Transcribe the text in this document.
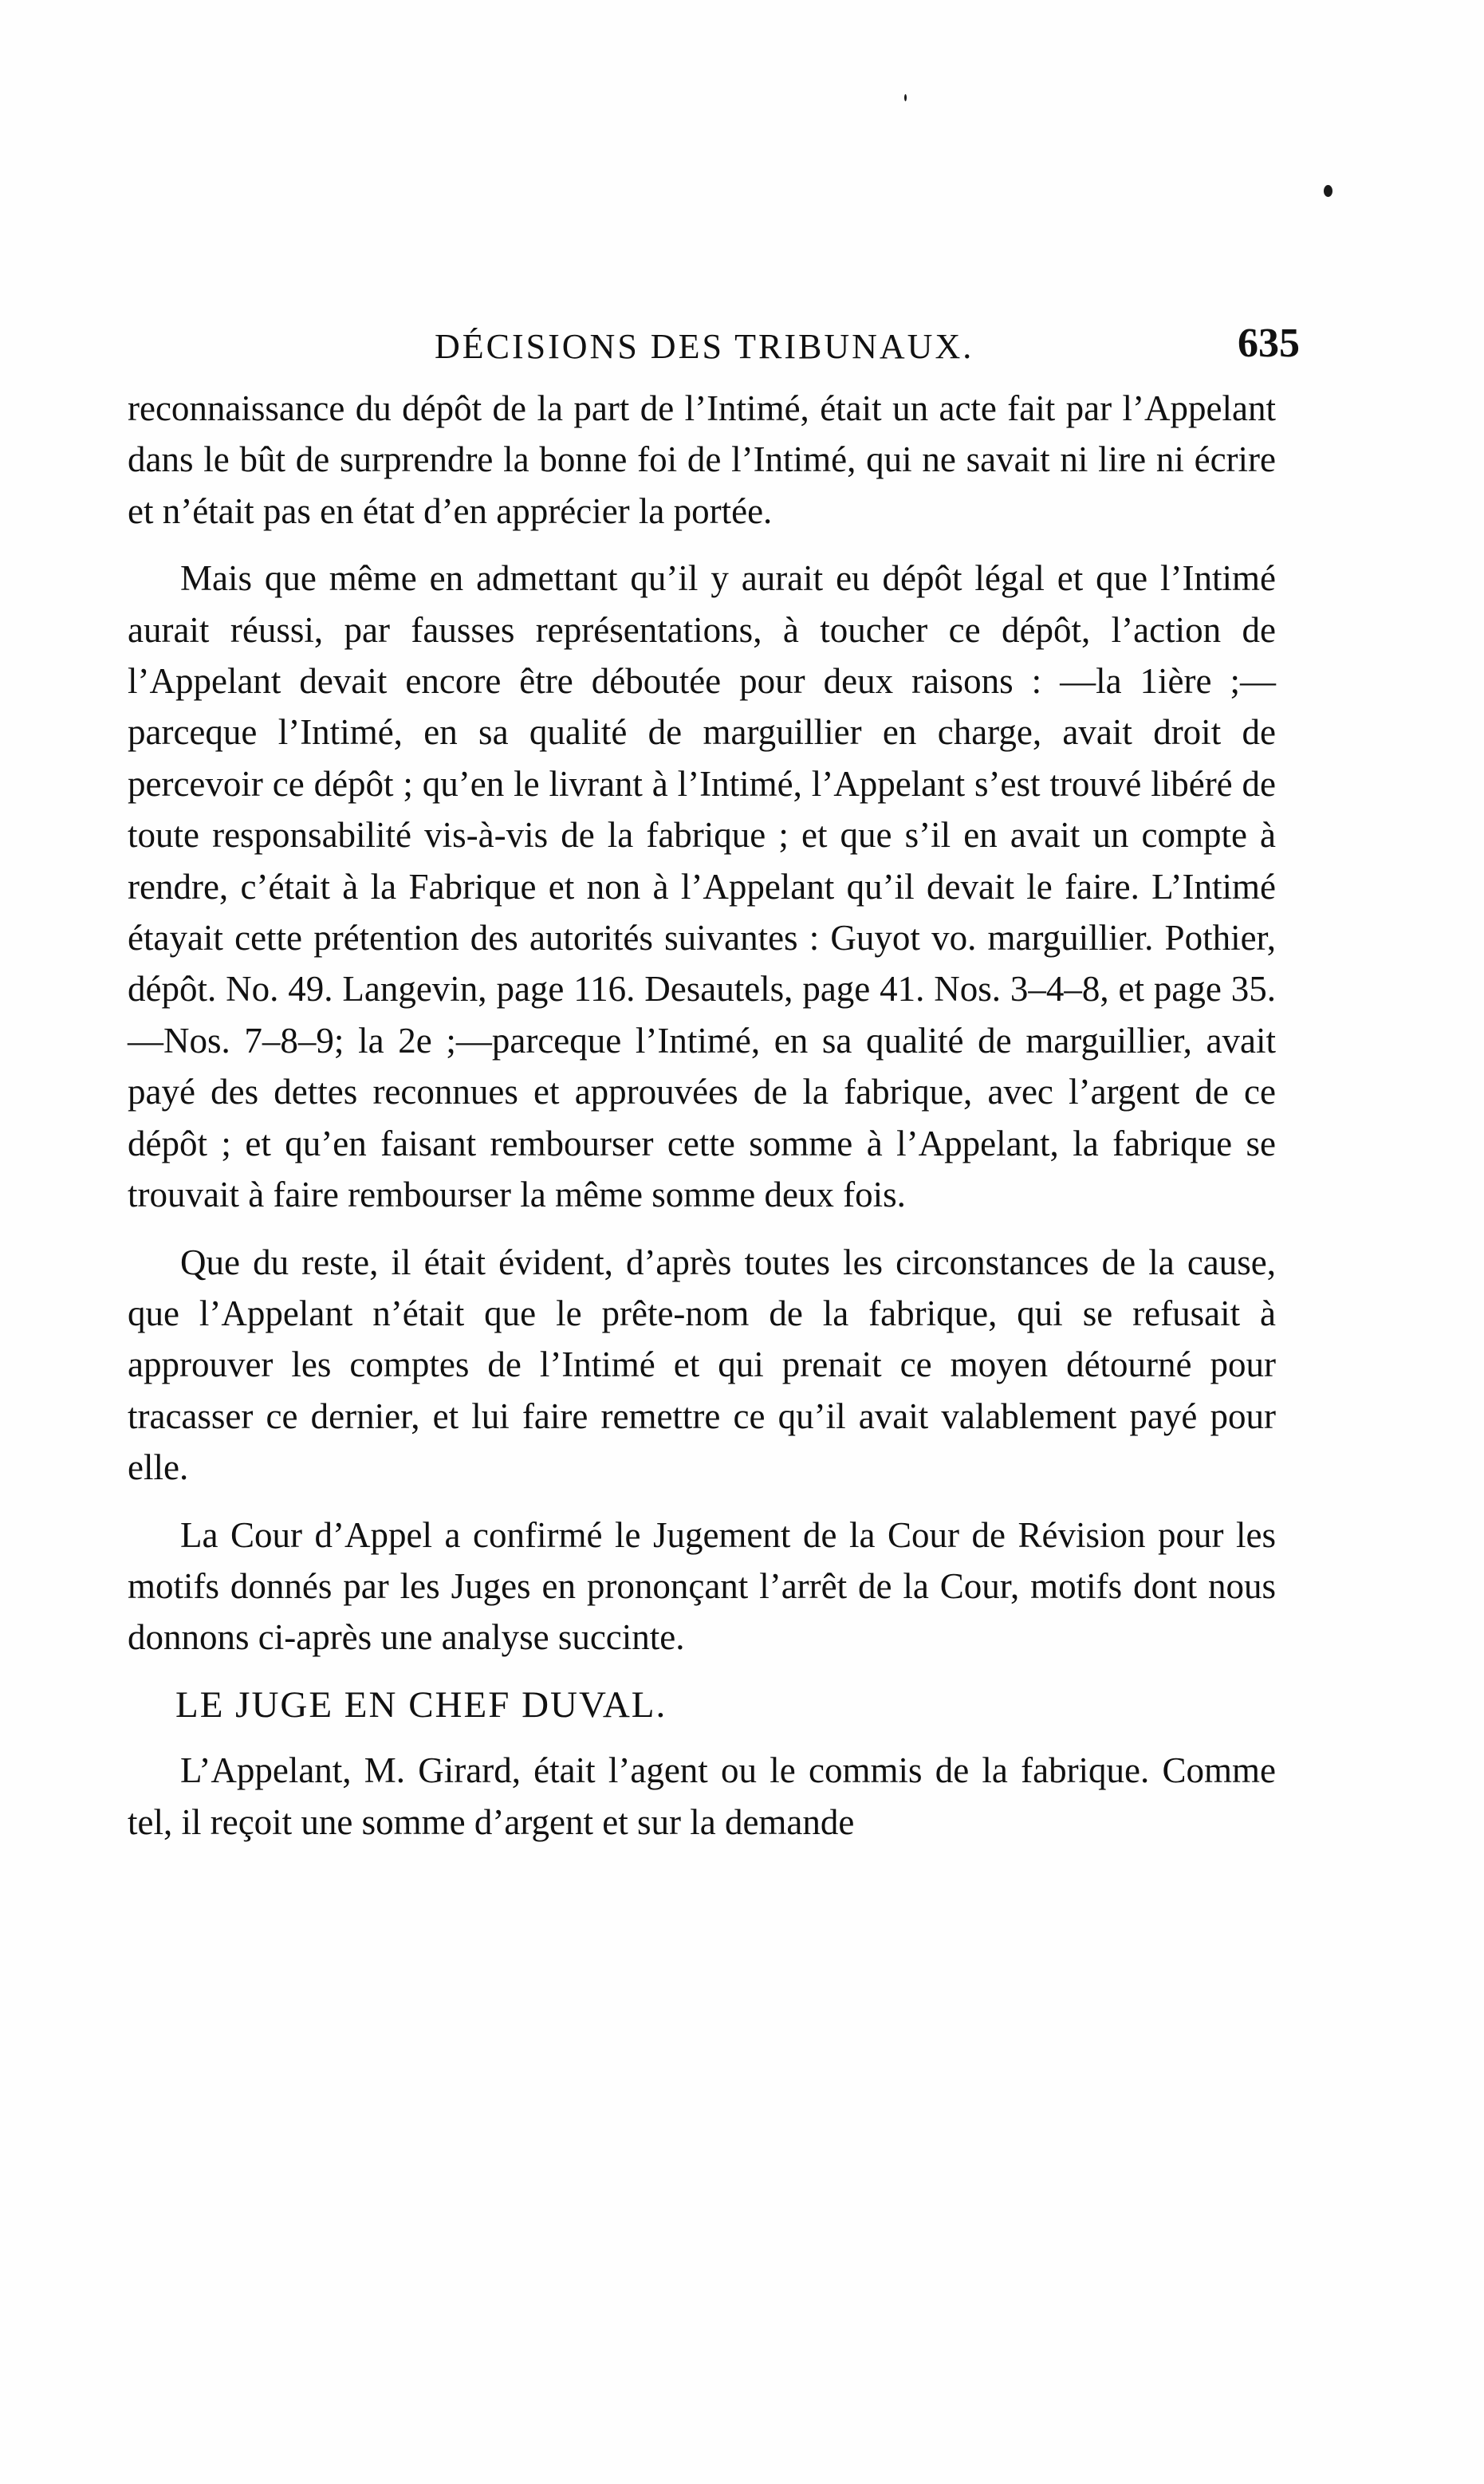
DÉCISIONS DES TRIBUNAUX.	635

reconnaissance du dépôt de la part de l’Intimé, était un acte fait par l’Appelant dans le bût de surprendre la bonne foi de l’Intimé, qui ne savait ni lire ni écrire et n’était pas en état d’en apprécier la portée.

Mais que même en admettant qu’il y aurait eu dépôt légal et que l’Intimé aurait réussi, par fausses représentations, à toucher ce dépôt, l’action de l’Appelant devait encore être déboutée pour deux raisons : —la 1ière ;—parceque l’Intimé, en sa qualité de marguillier en charge, avait droit de percevoir ce dépôt ; qu’en le livrant à l’Intimé, l’Appelant s’est trouvé libéré de toute responsabilité vis-à-vis de la fabrique ; et que s’il en avait un compte à rendre, c’était à la Fabrique et non à l’Appelant qu’il devait le faire. L’Intimé étayait cette prétention des autorités suivantes : Guyot vo. marguillier. Pothier, dépôt. No. 49. Langevin, page 116. Desautels, page 41. Nos. 3–4–8, et page 35.—Nos. 7–8–9; la 2e ;—parceque l’Intimé, en sa qualité de marguillier, avait payé des dettes reconnues et approuvées de la fabrique, avec l’argent de ce dépôt ; et qu’en faisant rembourser cette somme à l’Appelant, la fabrique se trouvait à faire rembourser la même somme deux fois.

Que du reste, il était évident, d’après toutes les circonstances de la cause, que l’Appelant n’était que le prête-nom de la fabrique, qui se refusait à approuver les comptes de l’Intimé et qui prenait ce moyen détourné pour tracasser ce dernier, et lui faire remettre ce qu’il avait valablement payé pour elle.

La Cour d’Appel a confirmé le Jugement de la Cour de Révision pour les motifs donnés par les Juges en prononçant l’arrêt de la Cour, motifs dont nous donnons ci-après une analyse succinte.

LE JUGE EN CHEF DUVAL.

L’Appelant, M. Girard, était l’agent ou le commis de la fabrique. Comme tel, il reçoit une somme d’argent et sur la demande
